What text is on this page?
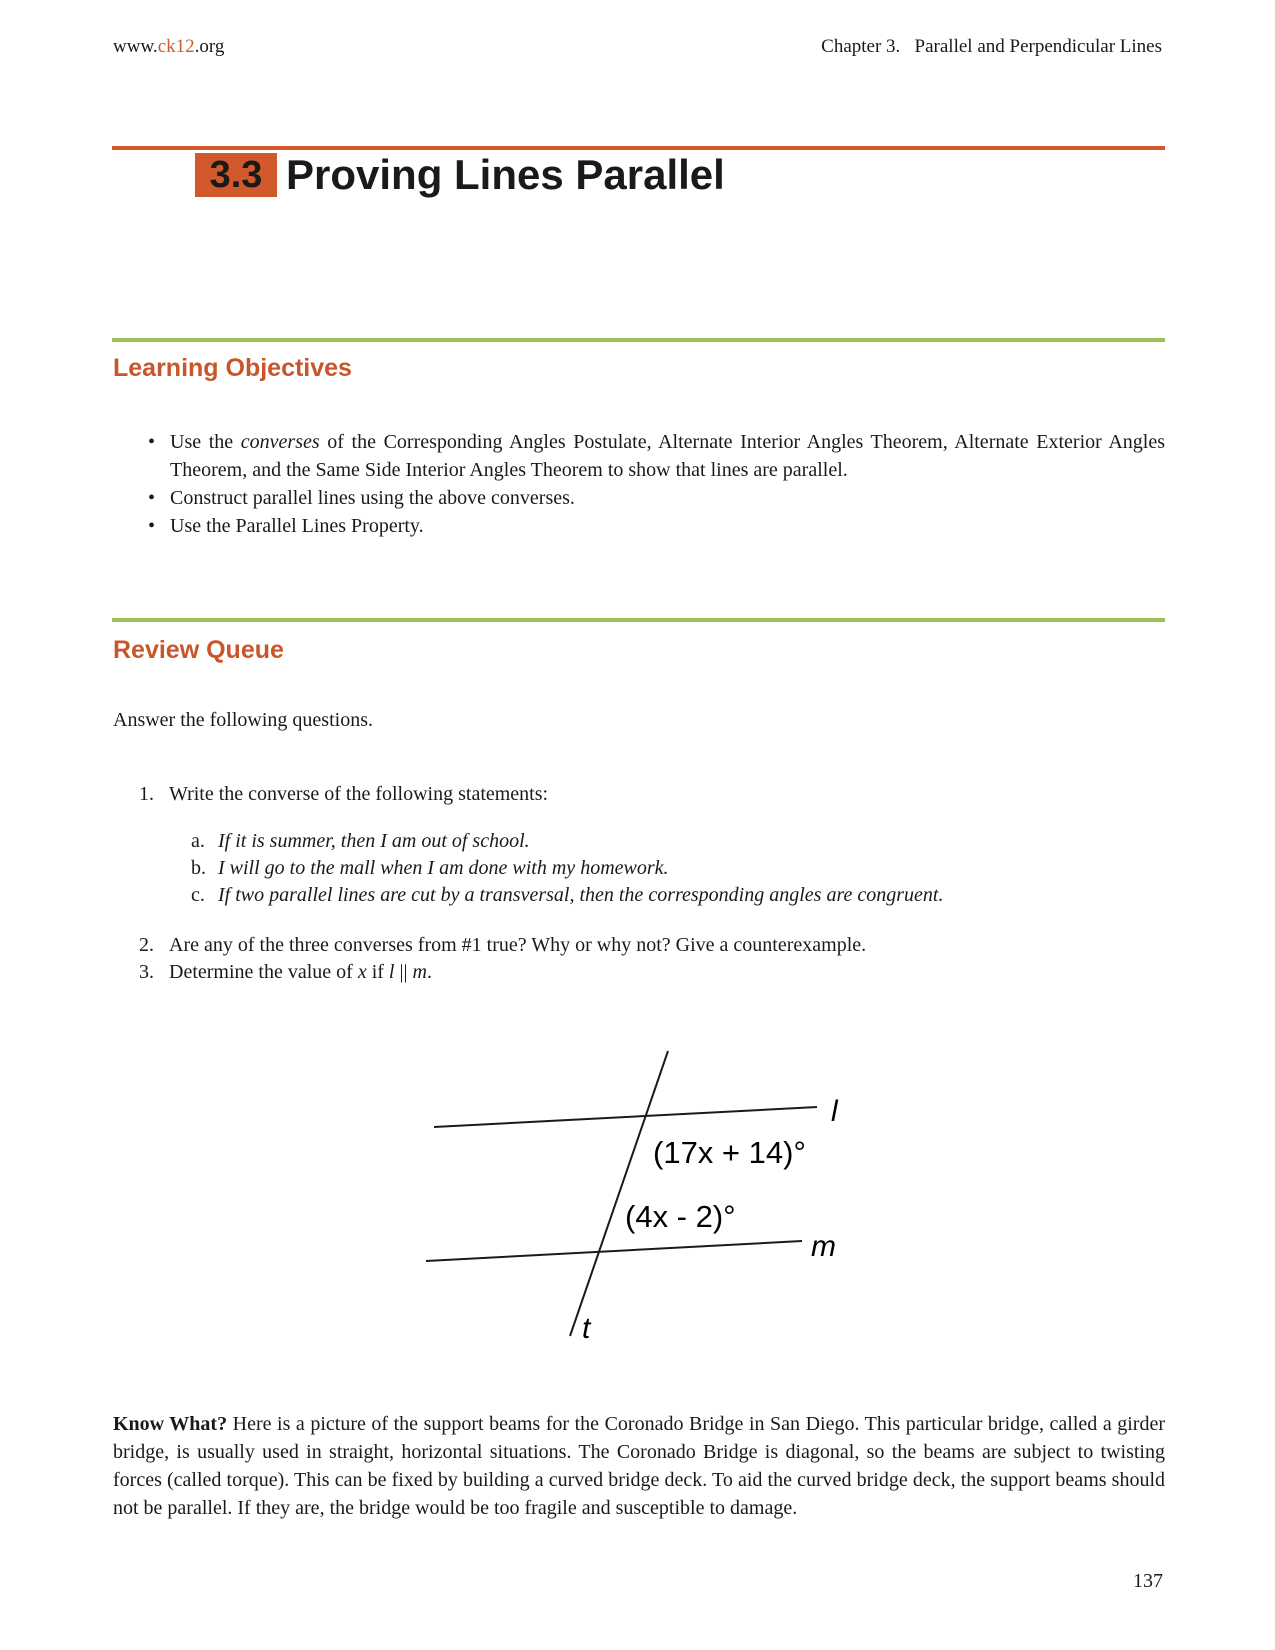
www.ck12.org	Chapter 3.   Parallel and Perpendicular Lines
3.3 Proving Lines Parallel
Learning Objectives
• Use the converses of the Corresponding Angles Postulate, Alternate Interior Angles Theorem, Alternate Exterior Angles Theorem, and the Same Side Interior Angles Theorem to show that lines are parallel.
• Construct parallel lines using the above converses.
• Use the Parallel Lines Property.
Review Queue
Answer the following questions.
1. Write the converse of the following statements:
a. If it is summer, then I am out of school.
b. I will go to the mall when I am done with my homework.
c. If two parallel lines are cut by a transversal, then the corresponding angles are congruent.
2. Are any of the three converses from #1 true? Why or why not? Give a counterexample.
3. Determine the value of x if l || m.
l
m
t
(17x + 14)°
(4x - 2)°
Know What? Here is a picture of the support beams for the Coronado Bridge in San Diego. This particular bridge, called a girder bridge, is usually used in straight, horizontal situations. The Coronado Bridge is diagonal, so the beams are subject to twisting forces (called torque). This can be fixed by building a curved bridge deck. To aid the curved bridge deck, the support beams should not be parallel. If they are, the bridge would be too fragile and susceptible to damage.
137
